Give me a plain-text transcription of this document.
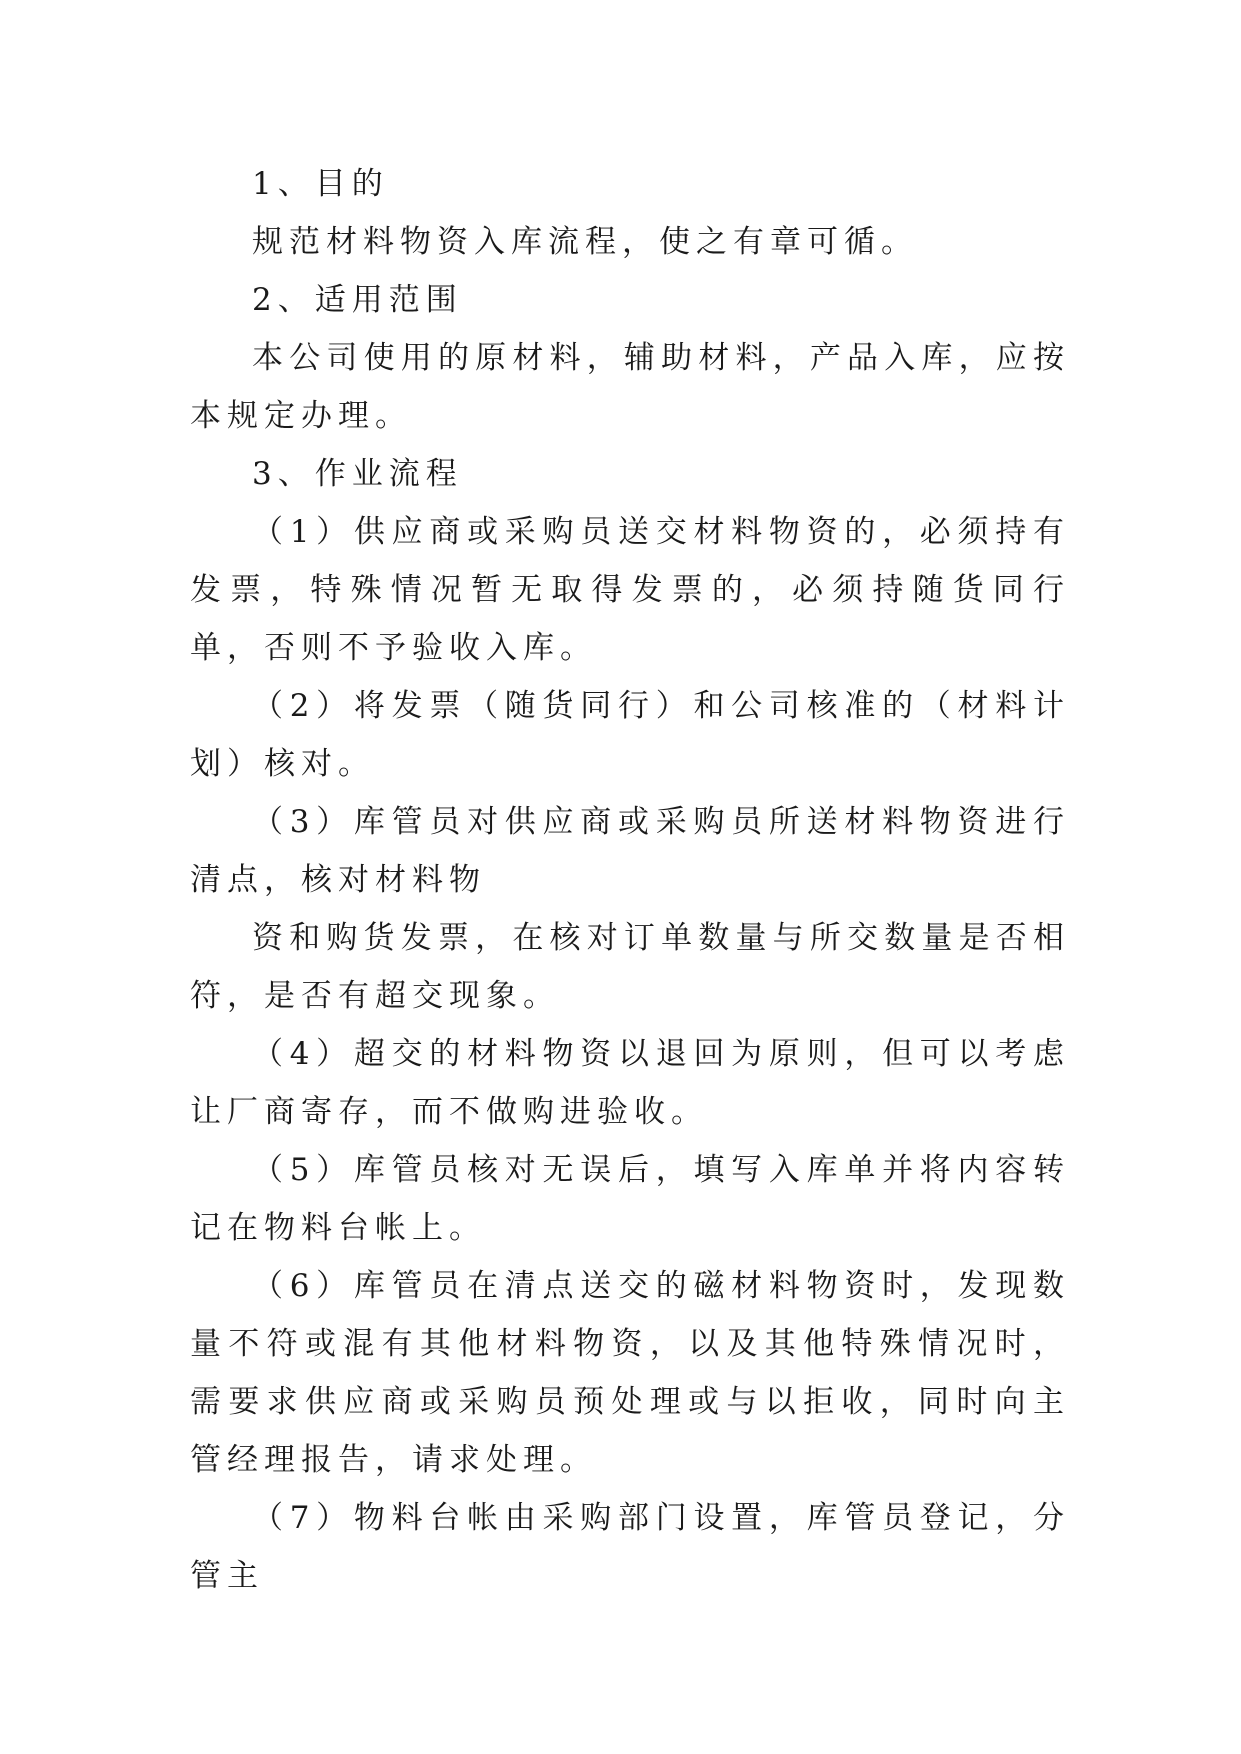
1、目的

规范材料物资入库流程，使之有章可循。

2、适用范围

本公司使用的原材料，辅助材料，产品入库，应按本规定办理。

3、作业流程

（1）供应商或采购员送交材料物资的，必须持有发票，特殊情况暂无取得发票的，必须持随货同行单，否则不予验收入库。

（2）将发票（随货同行）和公司核准的（材料计划）核对。

（3）库管员对供应商或采购员所送材料物资进行清点，核对材料物

资和购货发票，在核对订单数量与所交数量是否相符，是否有超交现象。

（4）超交的材料物资以退回为原则，但可以考虑让厂商寄存，而不做购进验收。

（5）库管员核对无误后，填写入库单并将内容转记在物料台帐上。

（6）库管员在清点送交的磁材料物资时，发现数量不符或混有其他材料物资，以及其他特殊情况时，需要求供应商或采购员预处理或与以拒收，同时向主管经理报告，请求处理。

（7）物料台帐由采购部门设置，库管员登记，分管主
